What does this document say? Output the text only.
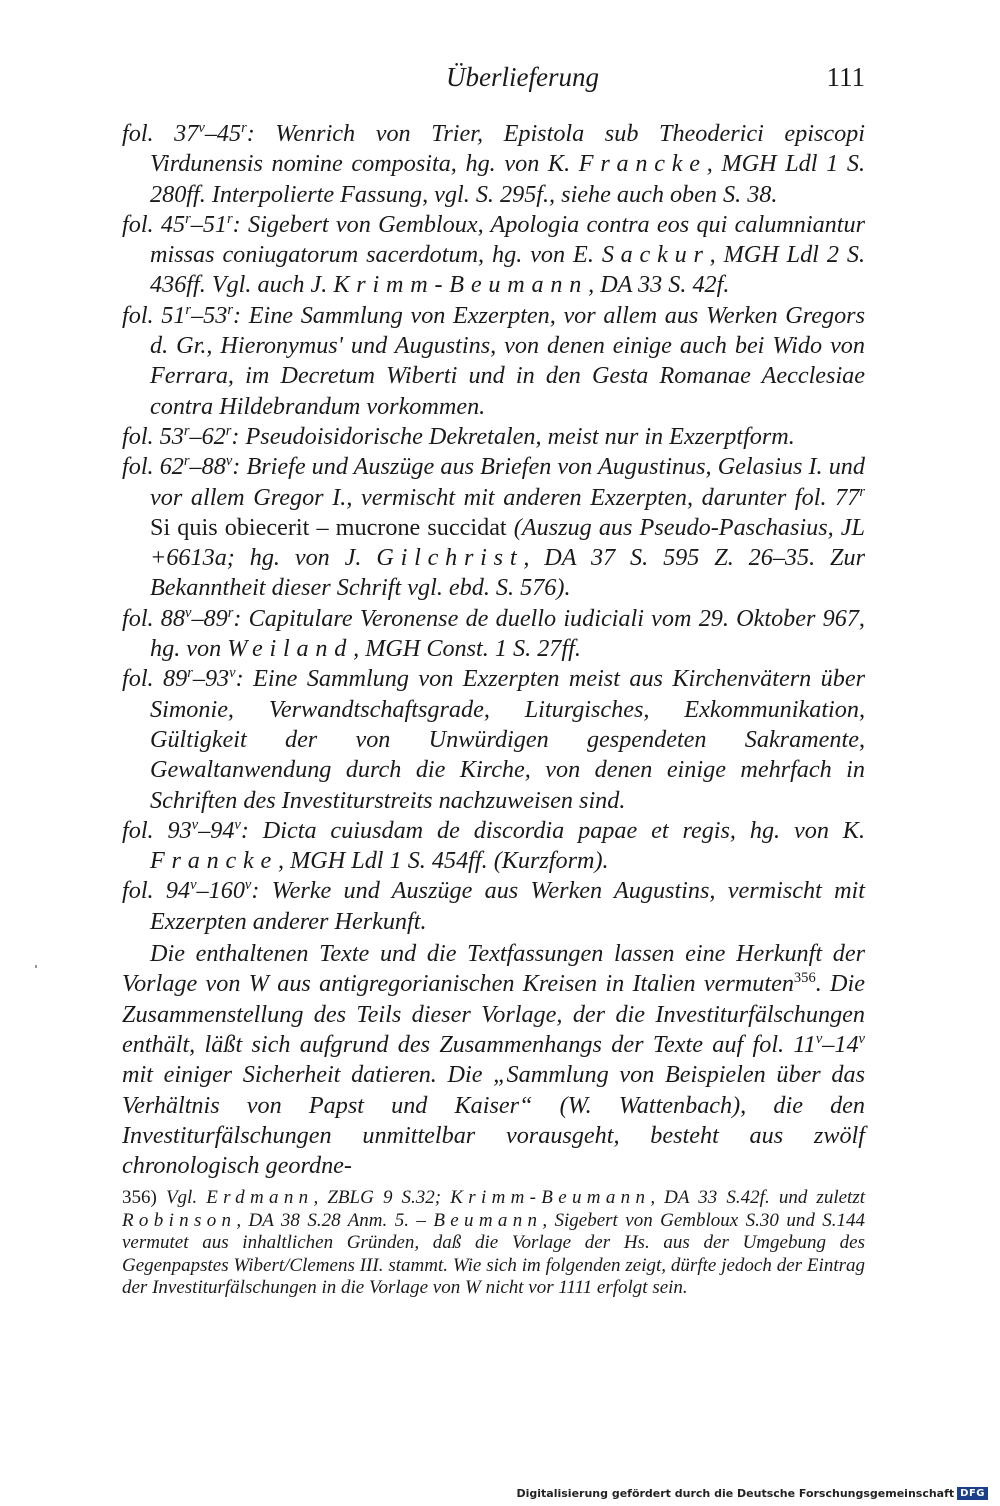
Überlieferung	111

fol. 37$^v$–45$^r$: Wenrich von Trier, Epistola sub Theoderici episcopi Virdunensis nomine composita, hg. von K. Francke, MGH Ldl 1 S. 280ff. Interpolierte Fassung, vgl. S. 295f., siehe auch oben S. 38.

fol. 45$^r$–51$^r$: Sigebert von Gembloux, Apologia contra eos qui calumniantur missas coniugatorum sacerdotum, hg. von E. Sackur, MGH Ldl 2 S. 436ff. Vgl. auch J. Krimm-Beumann, DA 33 S. 42f.

fol. 51$^r$–53$^r$: Eine Sammlung von Exzerpten, vor allem aus Werken Gregors d. Gr., Hieronymus' und Augustins, von denen einige auch bei Wido von Ferrara, im Decretum Wiberti und in den Gesta Romanae Aecclesiae contra Hildebrandum vorkommen.

fol. 53$^r$–62$^r$: Pseudoisidorische Dekretalen, meist nur in Exzerptform.

fol. 62$^r$–88$^v$: Briefe und Auszüge aus Briefen von Augustinus, Gelasius I. und vor allem Gregor I., vermischt mit anderen Exzerpten, darunter fol. 77$^r$ Si quis obiecerit – mucrone succidat (Auszug aus Pseudo-Paschasius, JL +6613a; hg. von J. Gilchrist, DA 37 S. 595 Z. 26–35. Zur Bekanntheit dieser Schrift vgl. ebd. S. 576).

fol. 88$^v$–89$^r$: Capitulare Veronense de duello iudiciali vom 29. Oktober 967, hg. von Weiland, MGH Const. 1 S. 27ff.

fol. 89$^r$–93$^v$: Eine Sammlung von Exzerpten meist aus Kirchenvätern über Simonie, Verwandtschaftsgrade, Liturgisches, Exkommunikation, Gültigkeit der von Unwürdigen gespendeten Sakramente, Gewaltanwendung durch die Kirche, von denen einige mehrfach in Schriften des Investiturstreits nachzuweisen sind.

fol. 93$^v$–94$^v$: Dicta cuiusdam de discordia papae et regis, hg. von K. Francke, MGH Ldl 1 S. 454ff. (Kurzform).

fol. 94$^v$–160$^v$: Werke und Auszüge aus Werken Augustins, vermischt mit Exzerpten anderer Herkunft.

Die enthaltenen Texte und die Textfassungen lassen eine Herkunft der Vorlage von W aus antigregorianischen Kreisen in Italien vermuten$^{356}$. Die Zusammenstellung des Teils dieser Vorlage, der die Investiturfälschungen enthält, läßt sich aufgrund des Zusammenhangs der Texte auf fol. 11$^v$–14$^v$ mit einiger Sicherheit datieren. Die „Sammlung von Beispielen über das Verhältnis von Papst und Kaiser“ (W. Wattenbach), die den Investiturfälschungen unmittelbar vorausgeht, besteht aus zwölf chronologisch geordne-

356) Vgl. Erdmann, ZBLG 9 S.32; Krimm-Beumann, DA 33 S.42f. und zuletzt Robinson, DA 38 S.28 Anm. 5. – Beumann, Sigebert von Gembloux S.30 und S.144 vermutet aus inhaltlichen Gründen, daß die Vorlage der Hs. aus der Umgebung des Gegenpapstes Wibert/Clemens III. stammt. Wie sich im folgenden zeigt, dürfte jedoch der Eintrag der Investiturfälschungen in die Vorlage von W nicht vor 1111 erfolgt sein.
Digitalisierung gefördert durch die Deutsche Forschungsgemeinschaft DFG
